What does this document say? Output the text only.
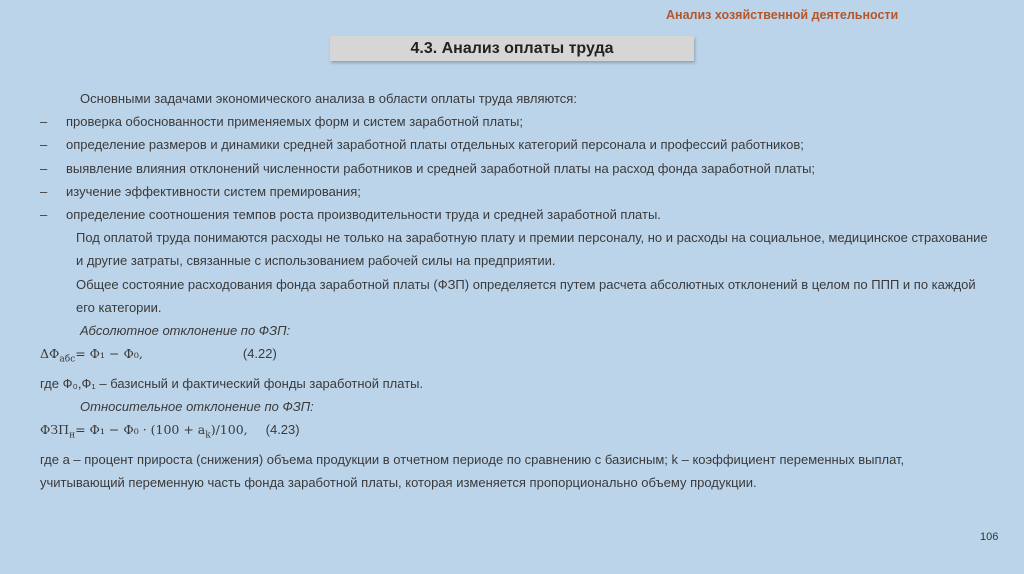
Анализ хозяйственной деятельности
4.3. Анализ оплаты труда
Основными задачами экономического анализа в области оплаты труда являются:
–	проверка обоснованности применяемых форм и систем заработной платы;
–	определение размеров и динамики средней заработной платы отдельных категорий персонала и профессий работников;
–	выявление влияния отклонений численности работников и средней заработной платы на расход фонда заработной платы;
–	изучение эффективности систем премирования;
–	определение соотношения темпов роста производительности труда и средней заработной платы.
Под оплатой труда понимаются расходы не только на заработную плату и премии персоналу, но и расходы на социальное, медицинское страхование и другие затраты, связанные с использованием рабочей силы на предприятии.
Общее состояние расходования фонда заработной платы (ФЗП) определяется путем расчета абсолютных отклонений в целом по ППП и по каждой его категории.
Абсолютное отклонение по ФЗП:
$\Delta Ф_{абс} = Ф_1 - Ф_0$,	(4.22)
где Ф₀,Ф₁ – базисный и фактический фонды заработной платы.
Относительное отклонение по ФЗП:
$ФЗП_н = Ф_1 - Ф_0 \cdot (100 + a_k)/100$, (4.23)
где a – процент прироста (снижения) объема продукции в отчетном периоде по сравнению с базисным; k – коэффициент переменных выплат, учитывающий переменную часть фонда заработной платы, которая изменяется пропорционально объему продукции.
106
